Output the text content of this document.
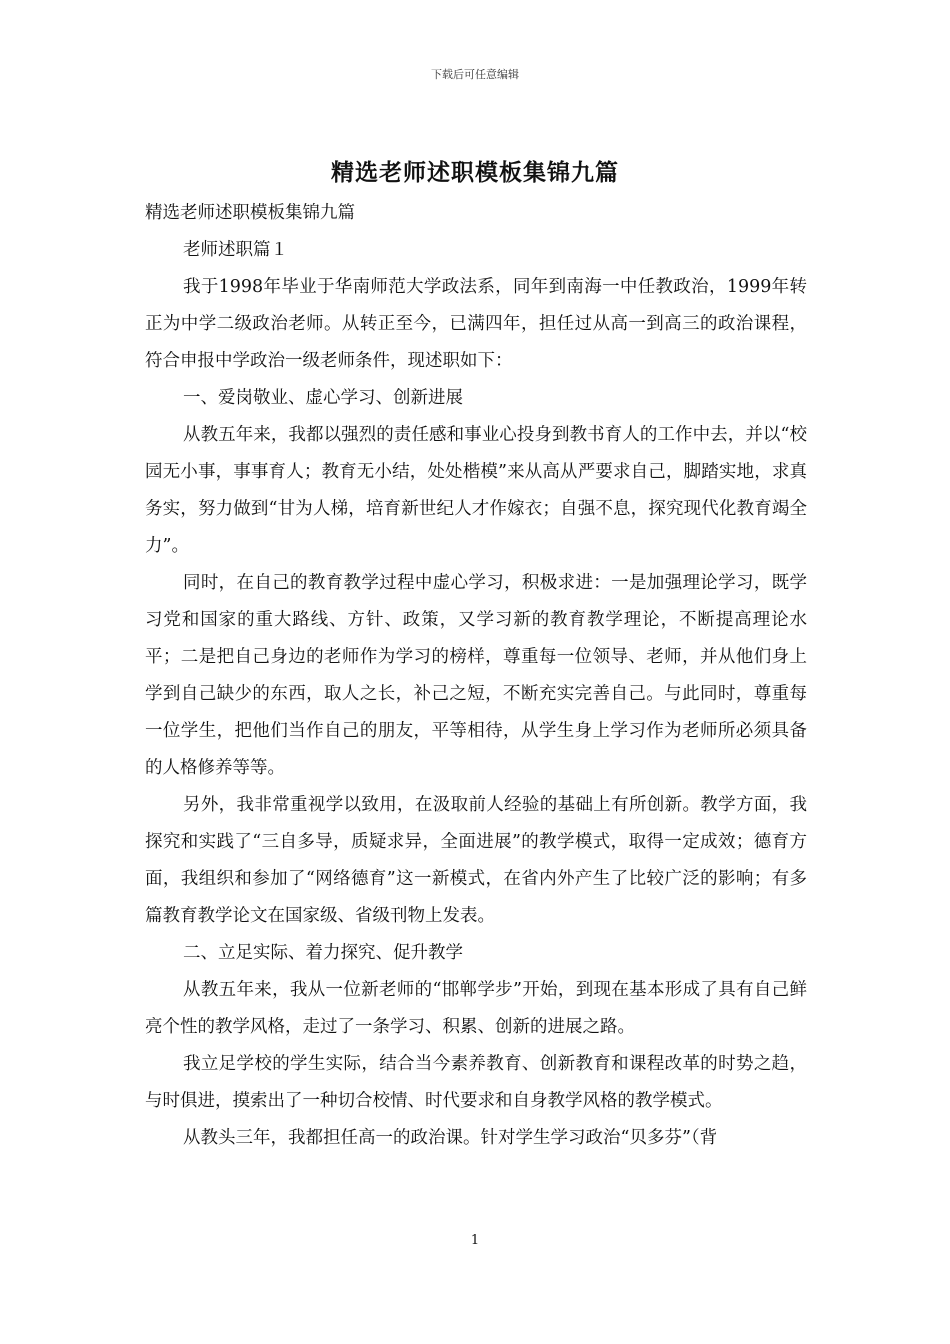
下载后可任意编辑
精选老师述职模板集锦九篇

精选老师述职模板集锦九篇

老师述职篇１

我于1998年毕业于华南师范大学政法系，同年到南海一中任教政治，1999年转正为中学二级政治老师。从转正至今，已满四年，担任过从高一到高三的政治课程，符合申报中学政治一级老师条件，现述职如下：

一、爱岗敬业、虚心学习、创新进展

从教五年来，我都以强烈的责任感和事业心投身到教书育人的工作中去，并以“校园无小事，事事育人；教育无小结，处处楷模”来从高从严要求自己，脚踏实地，求真务实，努力做到“甘为人梯，培育新世纪人才作嫁衣；自强不息，探究现代化教育竭全力”。

同时，在自己的教育教学过程中虚心学习，积极求进：一是加强理论学习，既学习党和国家的重大路线、方针、政策，又学习新的教育教学理论，不断提高理论水平；二是把自己身边的老师作为学习的榜样，尊重每一位领导、老师，并从他们身上学到自己缺少的东西，取人之长，补己之短，不断充实完善自己。与此同时，尊重每一位学生，把他们当作自己的朋友，平等相待，从学生身上学习作为老师所必须具备的人格修养等等。

另外，我非常重视学以致用，在汲取前人经验的基础上有所创新。教学方面，我探究和实践了“三自多导，质疑求异，全面进展”的教学模式，取得一定成效；德育方面，我组织和参加了“网络德育”这一新模式，在省内外产生了比较广泛的影响；有多篇教育教学论文在国家级、省级刊物上发表。

二、立足实际、着力探究、促升教学

从教五年来，我从一位新老师的“邯郸学步”开始，到现在基本形成了具有自己鲜亮个性的教学风格，走过了一条学习、积累、创新的进展之路。

我立足学校的学生实际，结合当今素养教育、创新教育和课程改革的时势之趋，与时俱进，摸索出了一种切合校情、时代要求和自身教学风格的教学模式。

从教头三年，我都担任高一的政治课。针对学生学习政治“贝多芬”（背

1
